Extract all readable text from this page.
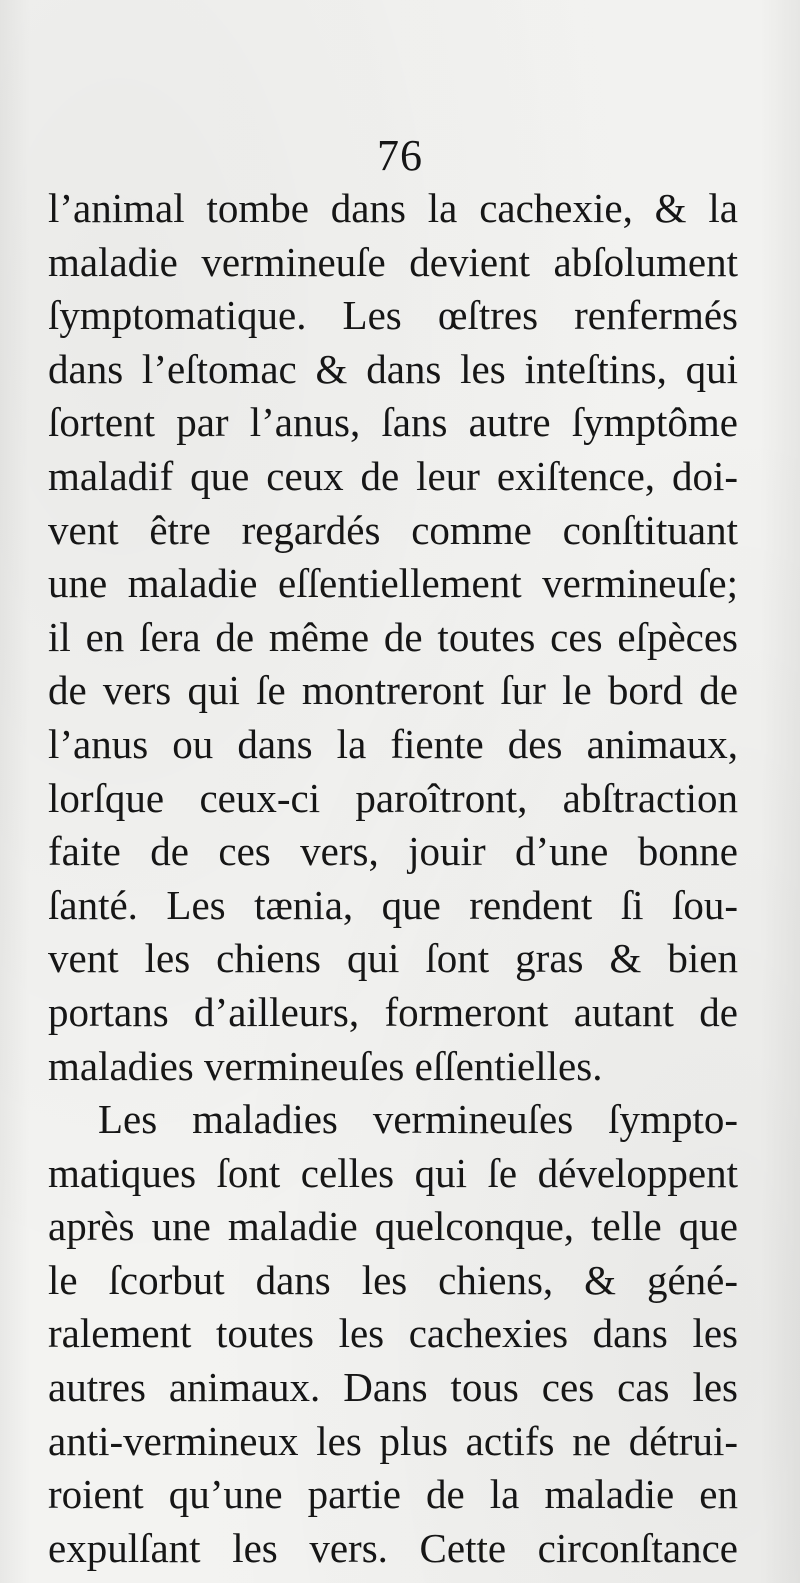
76
l’animal tombe dans la cachexie, & la
maladie vermineuſe devient abſolument
ſymptomatique. Les œſtres renfermés
dans l’eſtomac & dans les inteſtins, qui
ſortent par l’anus, ſans autre ſymptôme
maladif que ceux de leur exiſtence, doi-
vent être regardés comme conſtituant
une maladie eſſentiellement vermineuſe;
il en ſera de même de toutes ces eſpèces
de vers qui ſe montreront ſur le bord de
l’anus ou dans la fiente des animaux,
lorſque ceux-ci paroîtront, abſtraction
faite de ces vers, jouir d’une bonne
ſanté. Les tænia, que rendent ſi ſou-
vent les chiens qui ſont gras & bien
portans d’ailleurs, formeront autant de
maladies vermineuſes eſſentielles.
Les maladies vermineuſes ſympto-
matiques ſont celles qui ſe développent
après une maladie quelconque, telle que
le ſcorbut dans les chiens, & géné-
ralement toutes les cachexies dans les
autres animaux. Dans tous ces cas les
anti-vermineux les plus actifs ne détrui-
roient qu’une partie de la maladie en
expulſant les vers. Cette circonſtance
